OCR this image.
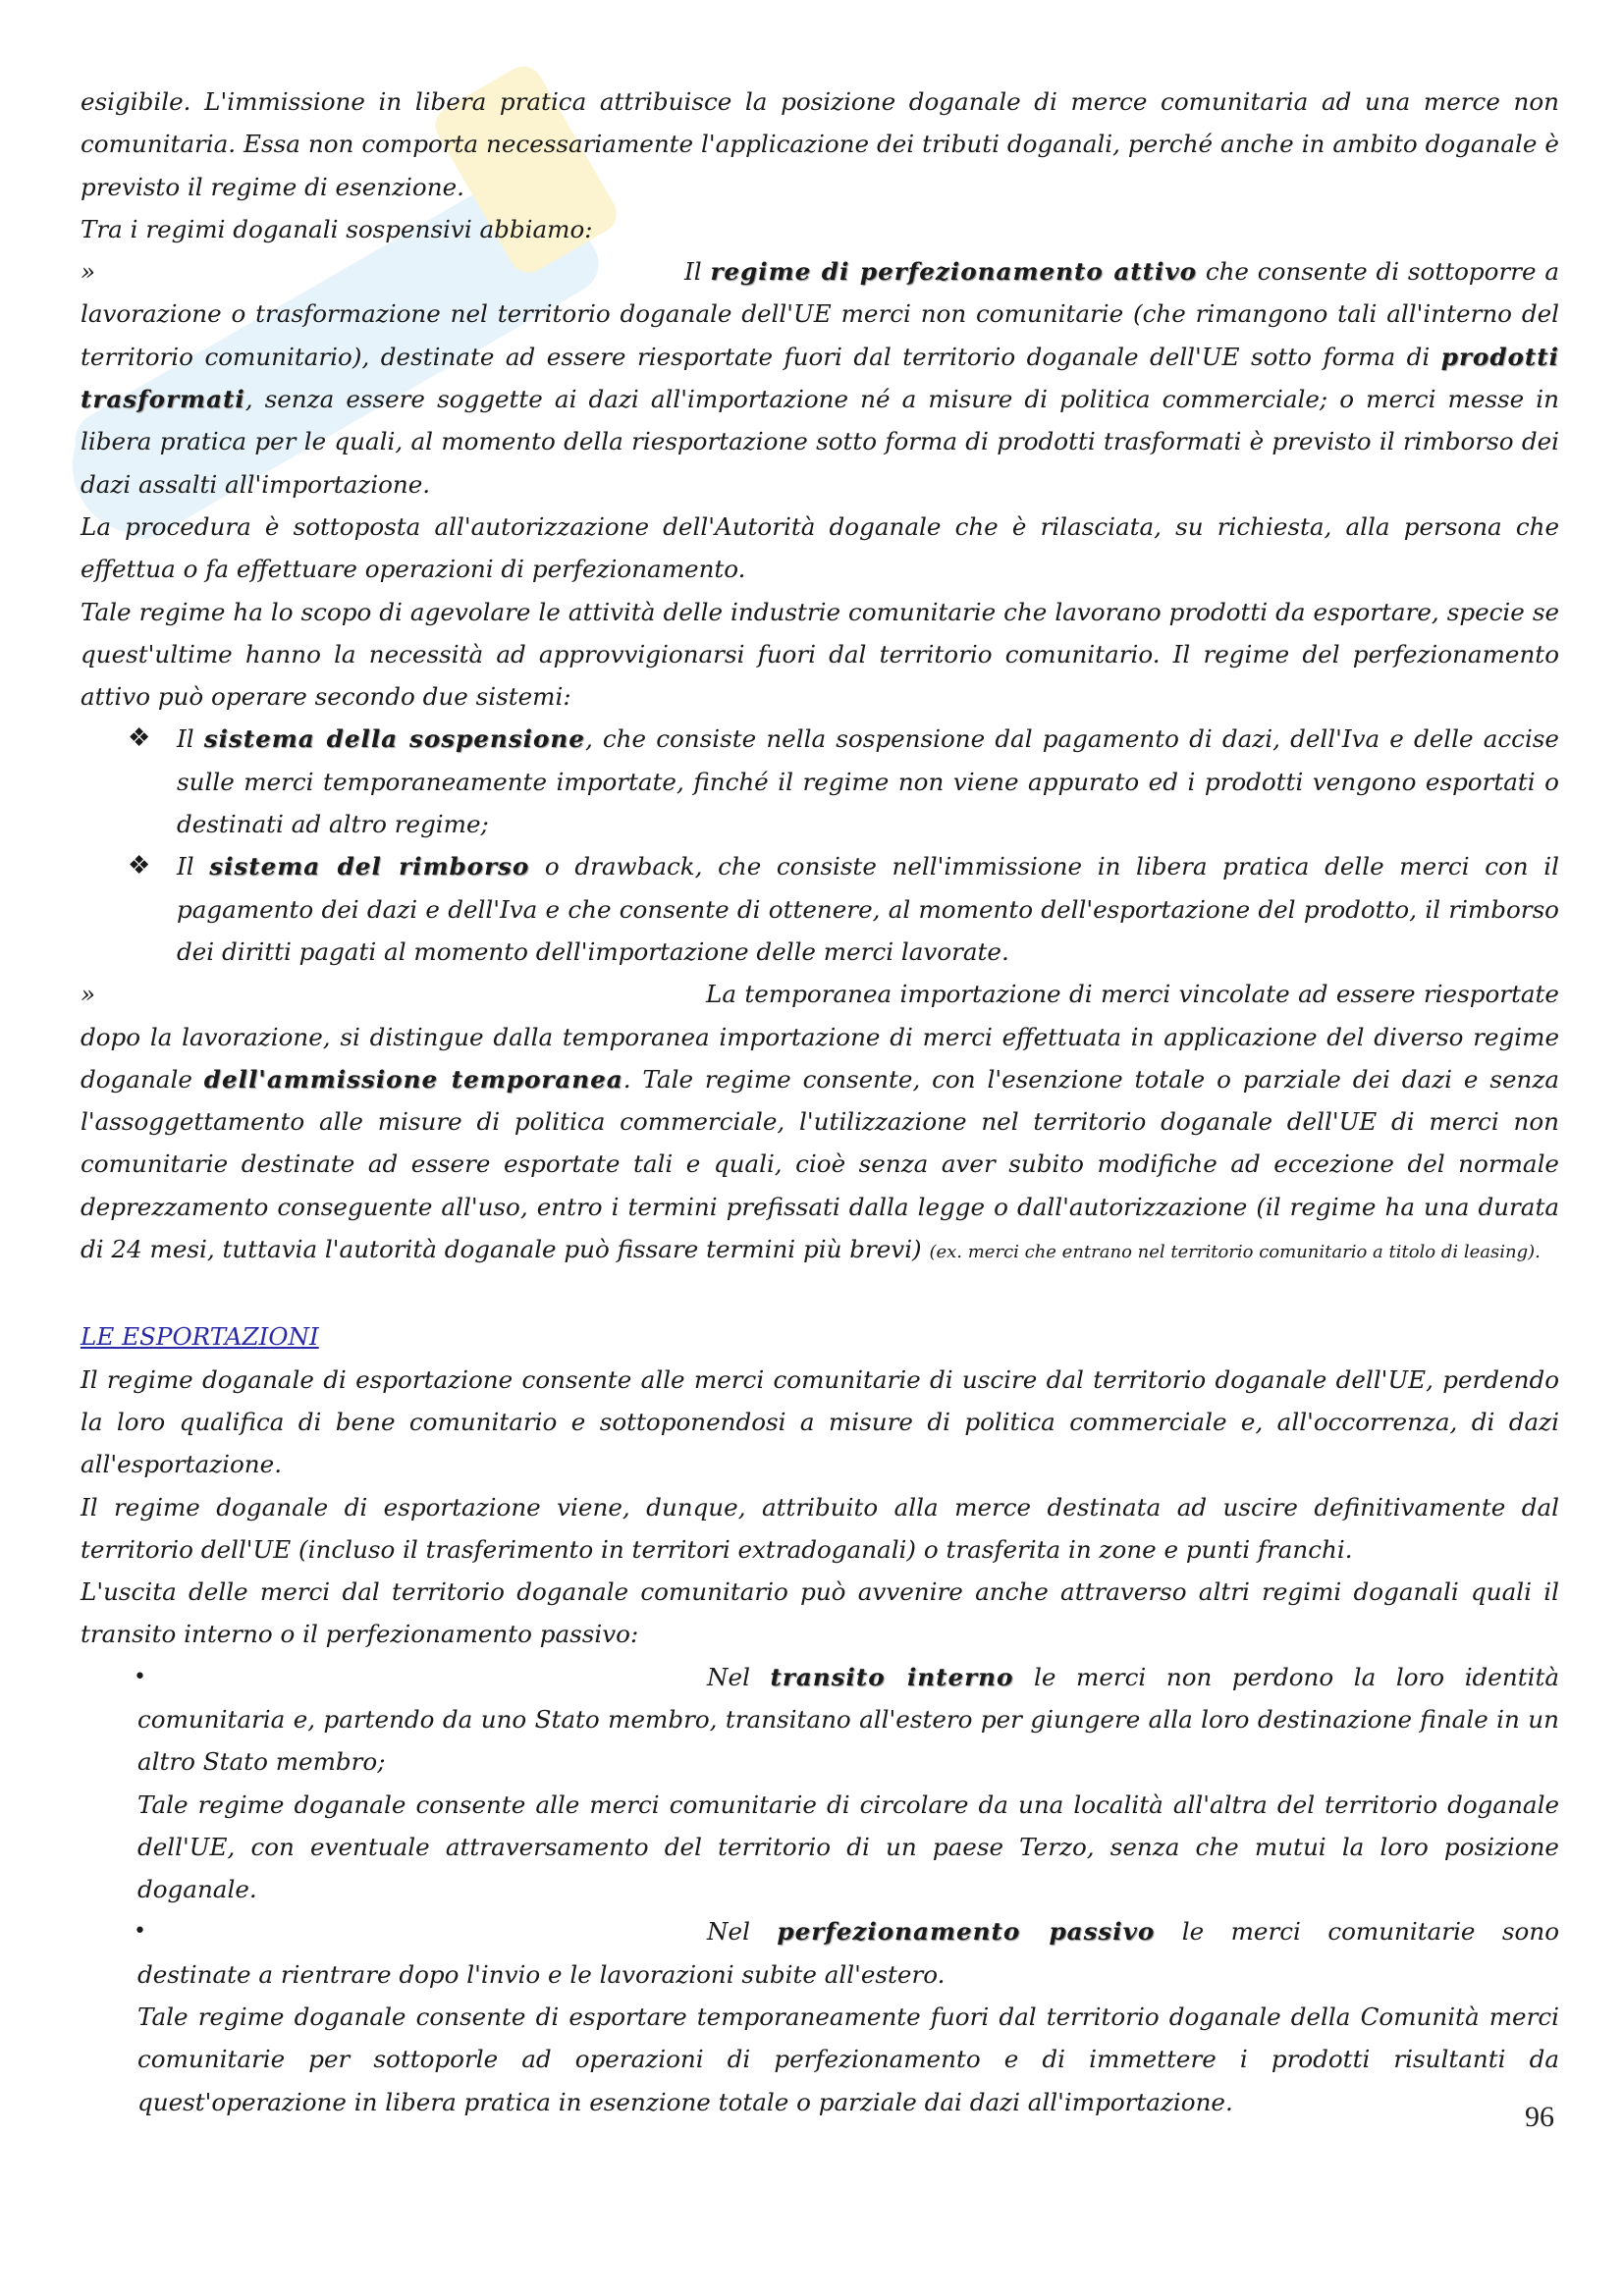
esigibile. L'immissione in libera pratica attribuisce la posizione doganale di merce comunitaria ad una merce non comunitaria. Essa non comporta necessariamente l'applicazione dei tributi doganali, perché anche in ambito doganale è previsto il regime di esenzione.

Tra i regimi doganali sospensivi abbiamo:

»	Il regime di perfezionamento attivo che consente di sottoporre a lavorazione o trasformazione nel territorio doganale dell'UE merci non comunitarie (che rimangono tali all'interno del territorio comunitario), destinate ad essere riesportate fuori dal territorio doganale dell'UE sotto forma di prodotti trasformati, senza essere soggette ai dazi all'importazione né a misure di politica commerciale; o merci messe in libera pratica per le quali, al momento della riesportazione sotto forma di prodotti trasformati è previsto il rimborso dei dazi assalti all'importazione.

La procedura è sottoposta all'autorizzazione dell'Autorità doganale che è rilasciata, su richiesta, alla persona che effettua o fa effettuare operazioni di perfezionamento.

Tale regime ha lo scopo di agevolare le attività delle industrie comunitarie che lavorano prodotti da esportare, specie se quest'ultime hanno la necessità ad approvvigionarsi fuori dal territorio comunitario. Il regime del perfezionamento attivo può operare secondo due sistemi:

❖ Il sistema della sospensione, che consiste nella sospensione dal pagamento di dazi, dell'Iva e delle accise sulle merci temporaneamente importate, finché il regime non viene appurato ed i prodotti vengono esportati o destinati ad altro regime;
❖ Il sistema del rimborso o drawback, che consiste nell'immissione in libera pratica delle merci con il pagamento dei dazi e dell'Iva e che consente di ottenere, al momento dell'esportazione del prodotto, il rimborso dei diritti pagati al momento dell'importazione delle merci lavorate.

»	La temporanea importazione di merci vincolate ad essere riesportate dopo la lavorazione, si distingue dalla temporanea importazione di merci effettuata in applicazione del diverso regime doganale dell'ammissione temporanea. Tale regime consente, con l'esenzione totale o parziale dei dazi e senza l'assoggettamento alle misure di politica commerciale, l'utilizzazione nel territorio doganale dell'UE di merci non comunitarie destinate ad essere esportate tali e quali, cioè senza aver subito modifiche ad eccezione del normale deprezzamento conseguente all'uso, entro i termini prefissati dalla legge o dall'autorizzazione (il regime ha una durata di 24 mesi, tuttavia l'autorità doganale può fissare termini più brevi) (ex. merci che entrano nel territorio comunitario a titolo di leasing).

LE ESPORTAZIONI

Il regime doganale di esportazione consente alle merci comunitarie di uscire dal territorio doganale dell'UE, perdendo la loro qualifica di bene comunitario e sottoponendosi a misure di politica commerciale e, all'occorrenza, di dazi all'esportazione.

Il regime doganale di esportazione viene, dunque, attribuito alla merce destinata ad uscire definitivamente dal territorio dell'UE (incluso il trasferimento in territori extradoganali) o trasferita in zone e punti franchi.

L'uscita delle merci dal territorio doganale comunitario può avvenire anche attraverso altri regimi doganali quali il transito interno o il perfezionamento passivo:

•	Nel transito interno le merci non perdono la loro identità comunitaria e, partendo da uno Stato membro, transitano all'estero per giungere alla loro destinazione finale in un altro Stato membro;
Tale regime doganale consente alle merci comunitarie di circolare da una località all'altra del territorio doganale dell'UE, con eventuale attraversamento del territorio di un paese Terzo, senza che mutui la loro posizione doganale.
•	Nel perfezionamento passivo le merci comunitarie sono destinate a rientrare dopo l'invio e le lavorazioni subite all'estero.
Tale regime doganale consente di esportare temporaneamente fuori dal territorio doganale della Comunità merci comunitarie per sottoporle ad operazioni di perfezionamento e di immettere i prodotti risultanti da quest'operazione in libera pratica in esenzione totale o parziale dai dazi all'importazione.	96
